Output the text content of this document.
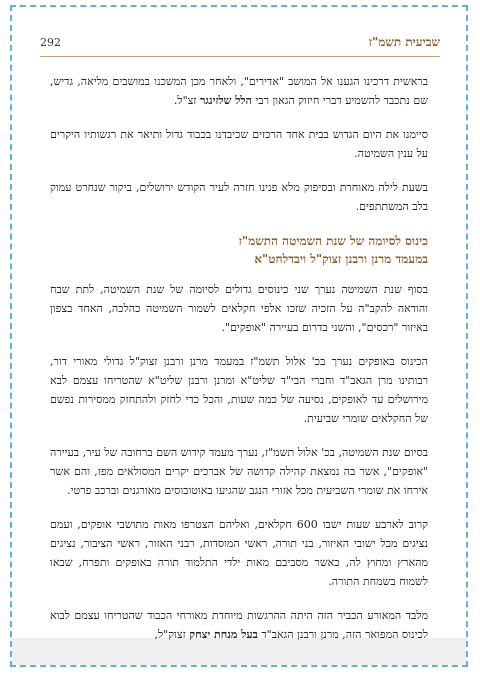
292	שביעית תשמ"ז

בראשית דרכינו הגענו אל המושב "אדירים", ולאחר מכן המשכנו במושבים מליאה, גדיש, שם נתכבד להשמיע דברי חיזוק הגאון רבי הלל שלזינגר זצ"ל.

סיימנו את היום הגדוש בבית אחד הרכזים שכיבדנו בכבוד גדול ותיאר את רגשותיו היקרים על ענין השמיטה.

בשעת לילה מאוחרת ובסיפוק מלא פנינו חזרה לעיר הקודש ירושלים, ביקור שנחרט עמוק בלב המשתתפים.

כינוס לסיומה של שנת השמיטה התשמ"ז
במעמד מרנן ורבנן זצוק"ל ויבדלחט"א

בסוף שנת השמיטה נערך שני כינוסים גדולים לסיומה של שנת השמיטה, לתת שבח והודאה להקב"ה על הזכיה שזכו אלפי חקלאים לשמור השמיטה כהלכה, האחד בצפון באיזור "רכסים", והשני בדרום בעיירה "אופקים".

הכינוס באופקים נערך בכ' אלול תשמ"ז במעמד מרנן ורבנן זצוק"ל גדולי מאורי דור, רבותינו מרן הגאב"ד וחברי הבי"ד שליט"א ומרנן ורבנן שליט"א שהטריחו עצמם לבא מירושלים עד לאופקים, נסיעה של כמה שעות, והכל כדי לחזק ולהתחזק ממסירות נפשם של החקלאים שומרי שביעית.

בסיום שנת השמיטה, בכ' אלול תשמ"ז, נערך מעמד קידוש השם ברחובה של עיר, בעיירה "אופקים", אשר בה נמצאת קהילה קדושה של אברכים יקרים המסולאים מפז, והם אשר אירחו את שומרי השביעית מכל אזורי הנגב שהגיעו באוטובוסים מאורגנים וברכב פרטי.

קרוב לארבע שעות ישבו 600 חקלאים, ואליהם הצטרפו מאות מתושבי אופקים, ועמם נציגים מכל ישובי האיזור, בני תורה, ראשי המוסדות, רבני האזור, ראשי הציבור, נציגים מהארץ ומחוץ לה, כאשר מסביבם מאות ילדי התלמוד תורה באופקים ותפרח, שבאו לשמוח בשמחת התורה.

מלבד המאורע הכביר הזה היתה ההרגשות מיוחדת מאורחי הכבוד שהטריחו עצמם לבוא לכינוס המפואר הזה, מרנן ורבנן הגאב"ד בעל מנחת יצחק זצוק"ל,
